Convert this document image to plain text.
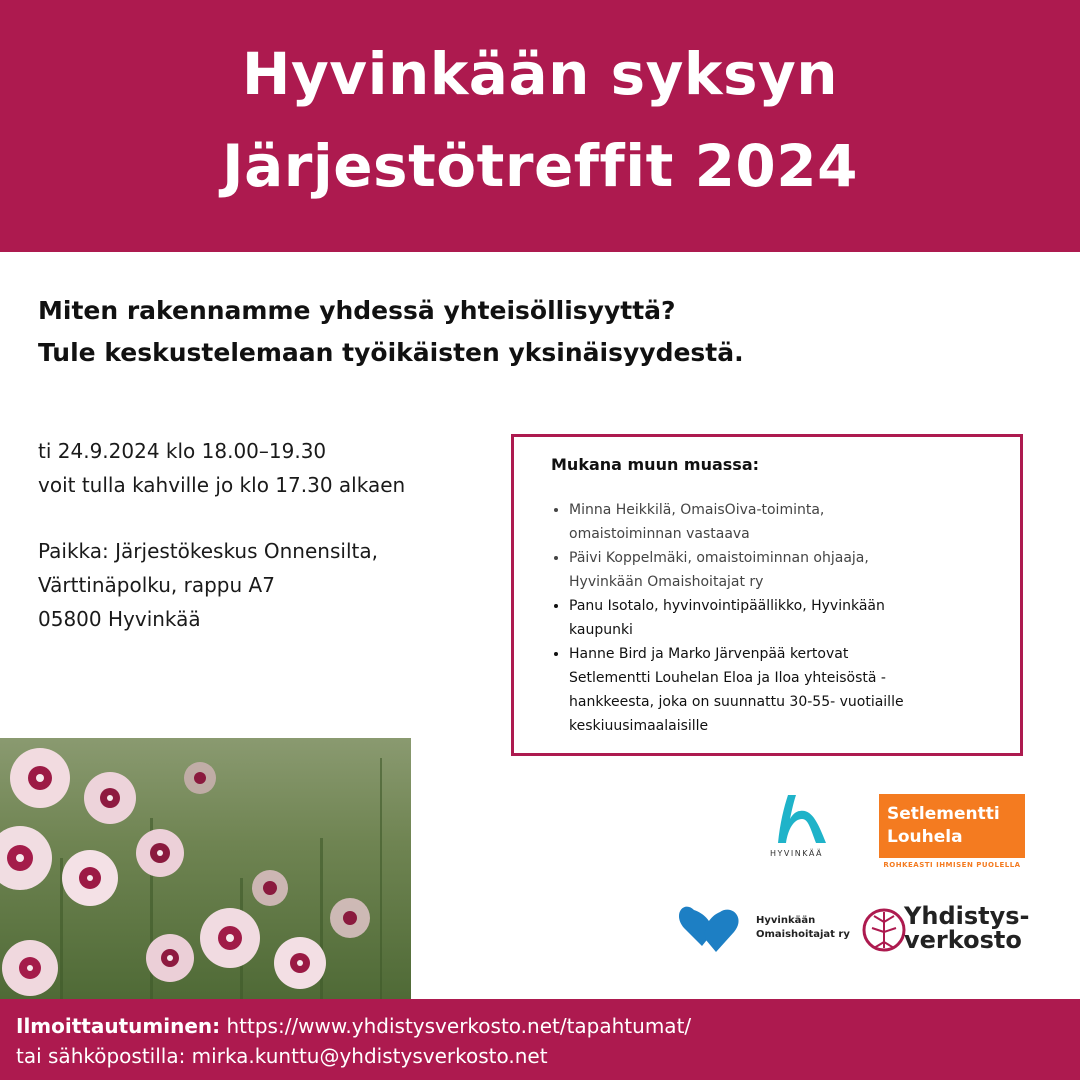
Hyvinkään syksyn
Järjestötreffit 2024
Miten rakennamme yhdessä yhteisöllisyyttä?
Tule keskustelemaan työikäisten yksinäisyydestä.
ti 24.9.2024 klo 18.00–19.30
voit tulla kahville jo klo 17.30 alkaen
Paikka: Järjestökeskus Onnensilta,
Värttinäpolku, rappu A7
05800 Hyvinkää
Mukana muun muassa:
• Minna Heikkilä, OmaisOiva-toiminta,
omaistoiminnan vastaava
• Päivi Koppelmäki, omaistoiminnan ohjaaja,
Hyvinkään Omaishoitajat ry
• Panu Isotalo, hyvinvointipäällikko, Hyvinkään
kaupunki
• Hanne Bird ja Marko Järvenpää kertovat
Setlementti Louhelan Eloa ja Iloa yhteisöstä -
hankkeesta, joka on suunnattu 30-55- vuotiaille
keskiuusimaalaisille
HYVINKÄÄ
Setlementti
Louhela
ROHKEASTI IHMISEN PUOLELLA
Hyvinkään
Omaishoitajat ry
Yhdistys-
verkosto
Ilmoittautuminen: https://www.yhdistysverkosto.net/tapahtumat/
tai sähköpostilla: mirka.kunttu@yhdistysverkosto.net
